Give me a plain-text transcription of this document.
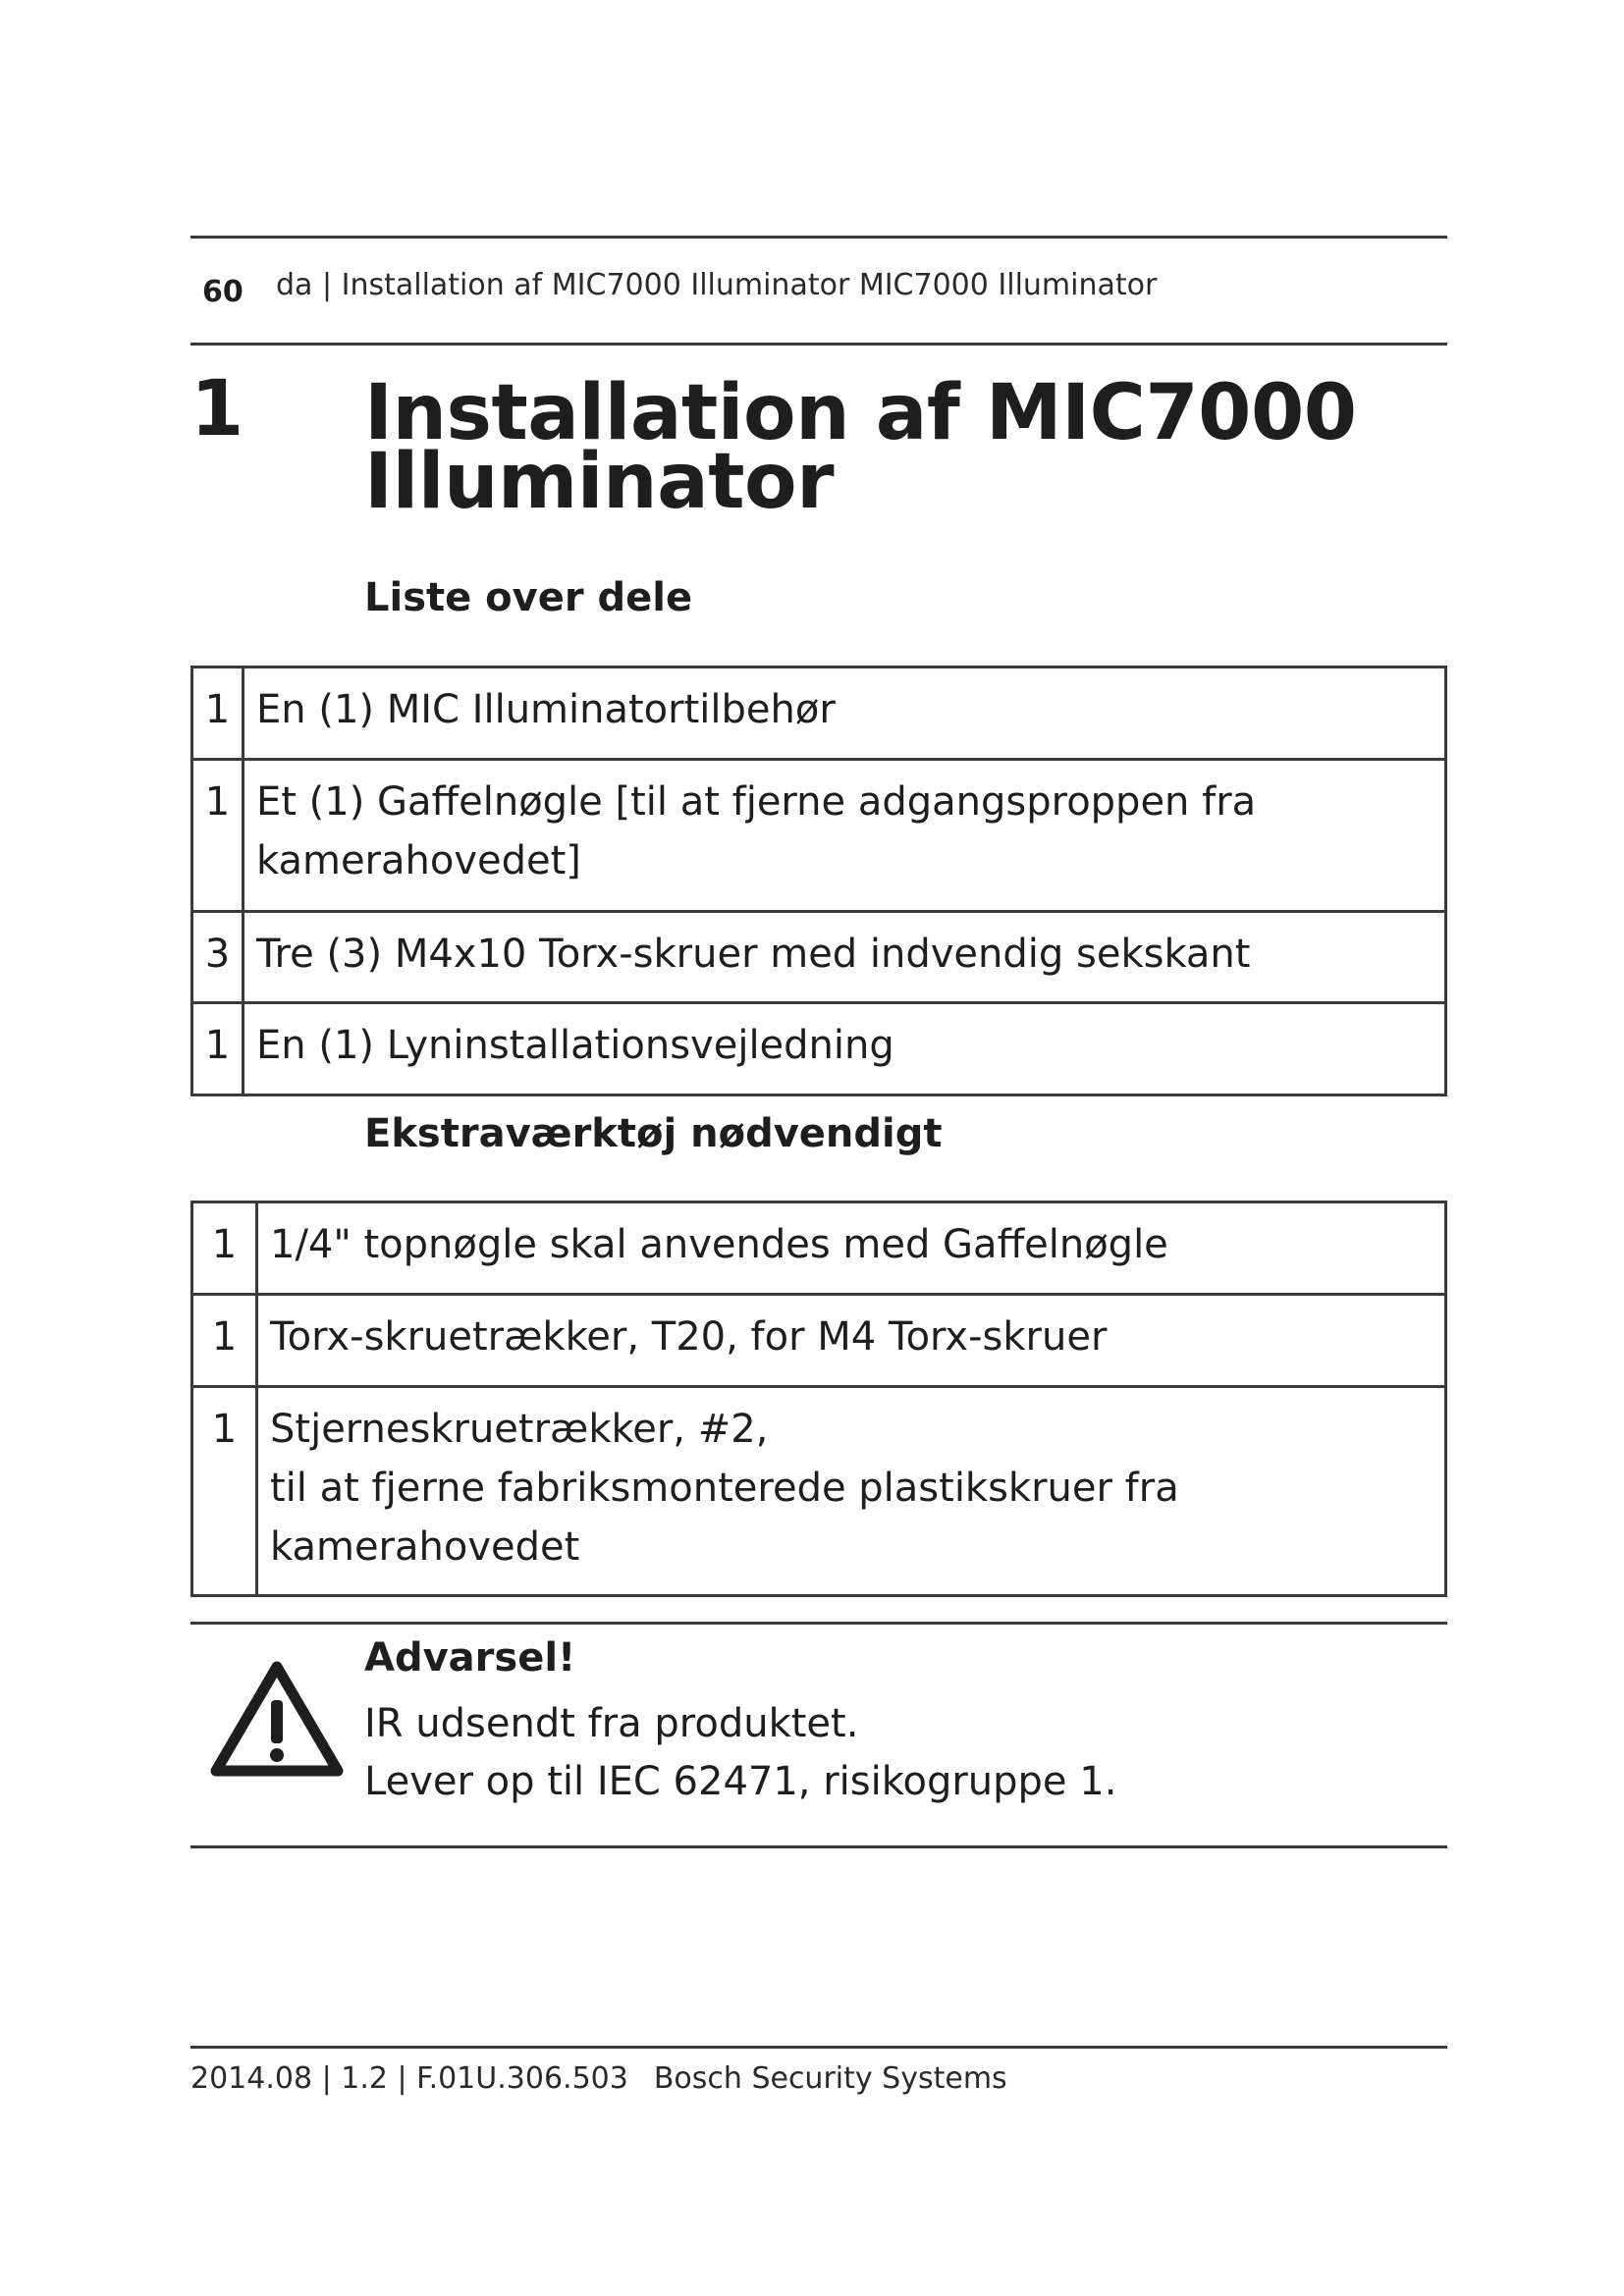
60 da | Installation af MIC7000 Illuminator MIC7000 Illuminator
1 Installation af MIC7000
Illuminator
Liste over dele
1	En (1) MIC Illuminatortilbehør

1	Et (1) Gaffelnøgle [til at fjerne adgangsproppen fra
kamerahovedet]

3	Tre (3) M4x10 Torx-skruer med indvendig sekskant

1	En (1) Lyninstallationsvejledning
Ekstraværktøj nødvendigt
1	1/4" topnøgle skal anvendes med Gaffelnøgle

1	Torx-skruetrækker, T20, for M4 Torx-skruer

1	Stjerneskruetrækker, #2,
til at fjerne fabriksmonterede plastikskruer fra
kamerahovedet
Advarsel!
IR udsendt fra produktet.
Lever op til IEC 62471, risikogruppe 1.
2014.08 | 1.2 | F.01U.306.503 Bosch Security Systems
